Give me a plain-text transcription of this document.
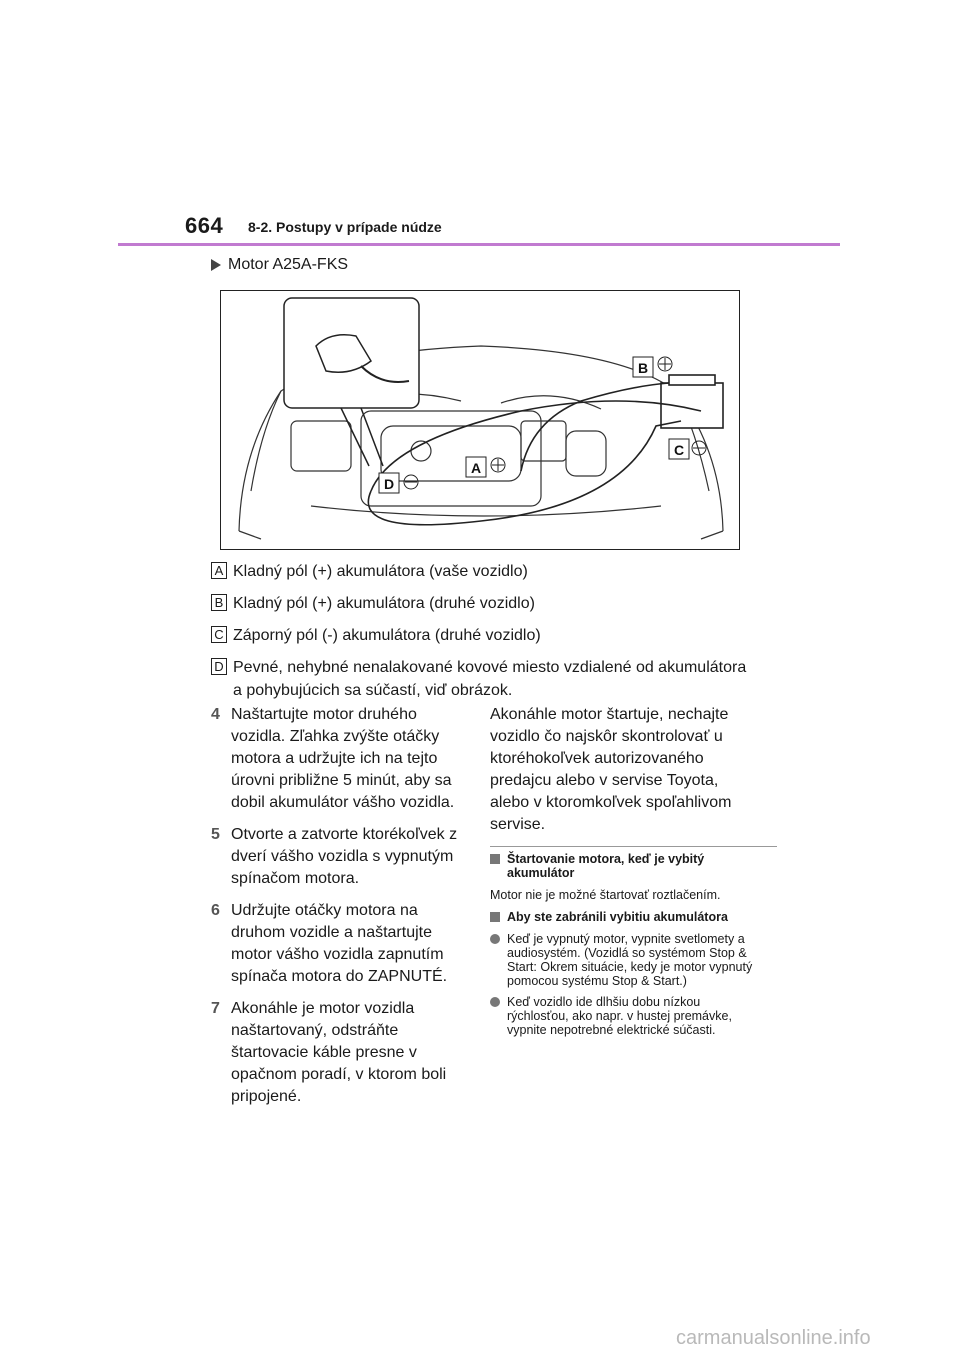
664 8-2. Postupy v prípade núdze
Motor A25A-FKS
B
C
A
D
A Kladný pól (+) akumulátora (vaše vozidlo)
B Kladný pól (+) akumulátora (druhé vozidlo)
C Záporný pól (-) akumulátora (druhé vozidlo)
D Pevné, nehybné nenalakované kovové miesto vzdialené od akumulátora a pohybujúcich sa súčastí, viď obrázok.
4 Naštartujte motor druhého vozidla. Zľahka zvýšte otáčky motora a udržujte ich na tejto úrovni približne 5 minút, aby sa dobil akumulátor vášho vozidla.
5 Otvorte a zatvorte ktorékoľvek z dverí vášho vozidla s vypnutým spínačom motora.
6 Udržujte otáčky motora na druhom vozidle a naštartujte motor vášho vozidla zapnutím spínača motora do ZAPNUTÉ.
7 Akonáhle je motor vozidla naštartovaný, odstráňte štartovacie káble presne v opačnom poradí, v ktorom boli pripojené.

Akonáhle motor štartuje, nechajte vozidlo čo najskôr skontrolovať u ktoréhokoľvek autorizovaného predajcu alebo v servise Toyota, alebo v ktoromkoľvek spoľahlivom servise.

Štartovanie motora, keď je vybitý akumulátor
Motor nie je možné štartovať roztlačením.
Aby ste zabránili vybitiu akumulátora
Keď je vypnutý motor, vypnite svetlomety a audiosystém. (Vozidlá so systémom Stop & Start: Okrem situácie, kedy je motor vypnutý pomocou systému Stop & Start.)
Keď vozidlo ide dlhšiu dobu nízkou rýchlosťou, ako napr. v hustej premávke, vypnite nepotrebné elektrické súčasti.
carmanualsonline.info
